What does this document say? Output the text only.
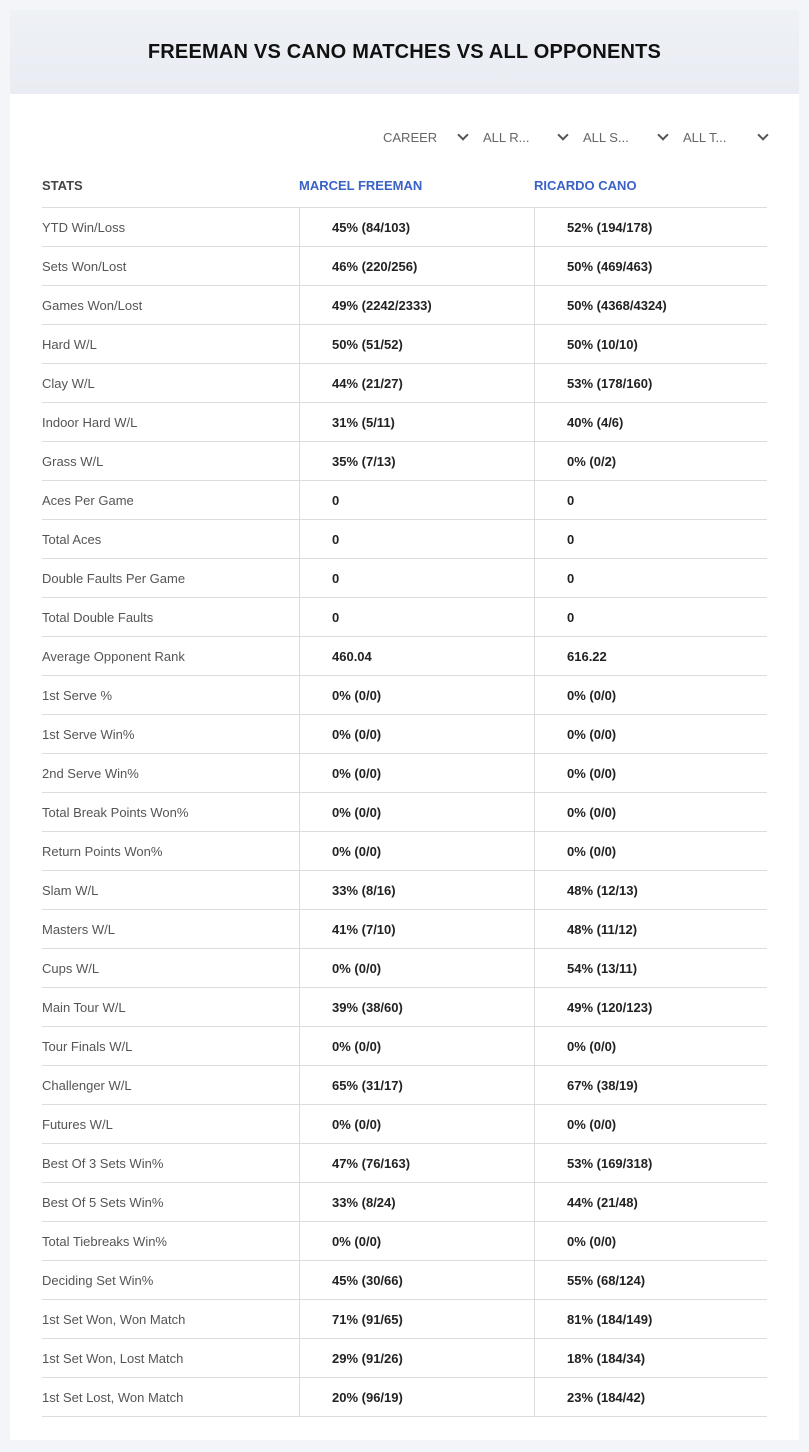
FREEMAN VS CANO MATCHES VS ALL OPPONENTS
CAREER	ALL R...	ALL S...	ALL T...
STATS	MARCEL FREEMAN	RICARDO CANO
YTD Win/Loss	45% (84/103)	52% (194/178)
Sets Won/Lost	46% (220/256)	50% (469/463)
Games Won/Lost	49% (2242/2333)	50% (4368/4324)
Hard W/L	50% (51/52)	50% (10/10)
Clay W/L	44% (21/27)	53% (178/160)
Indoor Hard W/L	31% (5/11)	40% (4/6)
Grass W/L	35% (7/13)	0% (0/2)
Aces Per Game	0	0
Total Aces	0	0
Double Faults Per Game	0	0
Total Double Faults	0	0
Average Opponent Rank	460.04	616.22
1st Serve %	0% (0/0)	0% (0/0)
1st Serve Win%	0% (0/0)	0% (0/0)
2nd Serve Win%	0% (0/0)	0% (0/0)
Total Break Points Won%	0% (0/0)	0% (0/0)
Return Points Won%	0% (0/0)	0% (0/0)
Slam W/L	33% (8/16)	48% (12/13)
Masters W/L	41% (7/10)	48% (11/12)
Cups W/L	0% (0/0)	54% (13/11)
Main Tour W/L	39% (38/60)	49% (120/123)
Tour Finals W/L	0% (0/0)	0% (0/0)
Challenger W/L	65% (31/17)	67% (38/19)
Futures W/L	0% (0/0)	0% (0/0)
Best Of 3 Sets Win%	47% (76/163)	53% (169/318)
Best Of 5 Sets Win%	33% (8/24)	44% (21/48)
Total Tiebreaks Win%	0% (0/0)	0% (0/0)
Deciding Set Win%	45% (30/66)	55% (68/124)
1st Set Won, Won Match	71% (91/65)	81% (184/149)
1st Set Won, Lost Match	29% (91/26)	18% (184/34)
1st Set Lost, Won Match	20% (96/19)	23% (184/42)
